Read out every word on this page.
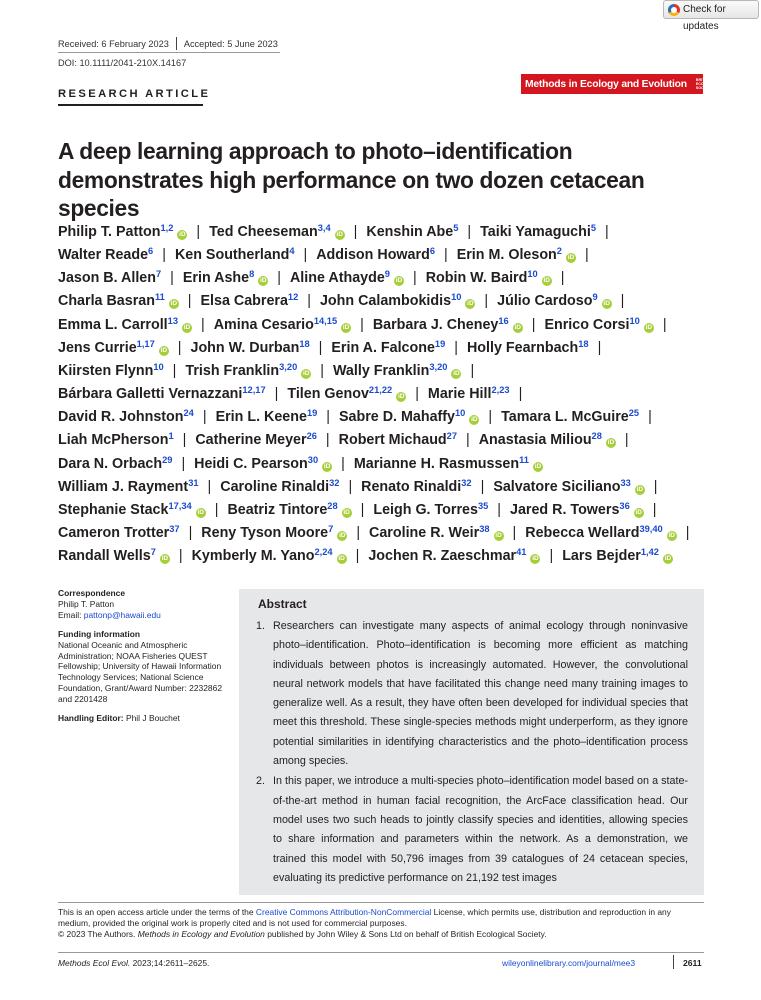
Check for updates
Received: 6 February 2023 Accepted: 5 June 2023
DOI: 10.1111/2041-210X.14167
Methods in Ecology and Evolution BRITISH ECOLOGICAL SOCIETY
RESEARCH ARTICLE
A deep learning approach to photo–identification demonstrates high performance on two dozen cetacean species
Philip T. Patton$^{1,2}$iD | Ted Cheeseman$^{3,4}$iD | Kenshin Abe$^5$ | Taiki Yamaguchi$^5$ |
Walter Reade$^6$ | Ken Southerland$^4$ | Addison Howard$^6$ | Erin M. Oleson$^2$iD |
Jason B. Allen$^7$ | Erin Ashe$^8$iD | Aline Athayde$^9$iD | Robin W. Baird$^{10}$iD |
Charla Basran$^{11}$iD | Elsa Cabrera$^{12}$ | John Calambokidis$^{10}$iD | Júlio Cardoso$^9$iD |
Emma L. Carroll$^{13}$iD | Amina Cesario$^{14,15}$iD | Barbara J. Cheney$^{16}$iD | Enrico Corsi$^{10}$iD |
Jens Currie$^{1,17}$iD | John W. Durban$^{18}$ | Erin A. Falcone$^{19}$ | Holly Fearnbach$^{18}$ |
Kiirsten Flynn$^{10}$ | Trish Franklin$^{3,20}$iD | Wally Franklin$^{3,20}$iD |
Bárbara Galletti Vernazzani$^{12,17}$ | Tilen Genov$^{21,22}$iD | Marie Hill$^{2,23}$ |
David R. Johnston$^{24}$ | Erin L. Keene$^{19}$ | Sabre D. Mahaffy$^{10}$iD | Tamara L. McGuire$^{25}$ |
Liah McPherson$^1$ | Catherine Meyer$^{26}$ | Robert Michaud$^{27}$ | Anastasia Miliou$^{28}$iD |
Dara N. Orbach$^{29}$ | Heidi C. Pearson$^{30}$iD | Marianne H. Rasmussen$^{11}$iD
William J. Rayment$^{31}$ | Caroline Rinaldi$^{32}$ | Renato Rinaldi$^{32}$ | Salvatore Siciliano$^{33}$iD |
Stephanie Stack$^{17,34}$iD | Beatriz Tintore$^{28}$iD | Leigh G. Torres$^{35}$ | Jared R. Towers$^{36}$iD |
Cameron Trotter$^{37}$ | Reny Tyson Moore$^7$iD | Caroline R. Weir$^{38}$iD | Rebecca Wellard$^{39,40}$iD |
Randall Wells$^7$iD | Kymberly M. Yano$^{2,24}$iD | Jochen R. Zaeschmar$^{41}$iD | Lars Bejder$^{1,42}$iD
Correspondence
Philip T. Patton
Email: pattonp@hawaii.edu
Funding information
National Oceanic and Atmospheric Administration; NOAA Fisheries QUEST Fellowship; University of Hawaii Information Technology Services; National Science Foundation, Grant/Award Number: 2232862 and 2201428
Handling Editor: Phil J Bouchet
Abstract
1. Researchers can investigate many aspects of animal ecology through noninvasive photo–identification. Photo–identification is becoming more efficient as matching individuals between photos is increasingly automated. However, the convolutional neural network models that have facilitated this change need many training images to generalize well. As a result, they have often been developed for individual species that meet this threshold. These single-species methods might underperform, as they ignore potential similarities in identifying characteristics and the photo–identification process among species.
2. In this paper, we introduce a multi-species photo–identification model based on a state-of-the-art method in human facial recognition, the ArcFace classification head. Our model uses two such heads to jointly classify species and identities, allowing species to share information and parameters within the network. As a demonstration, we trained this model with 50,796 images from 39 catalogues of 24 cetacean species, evaluating its predictive performance on 21,192 test images
This is an open access article under the terms of the Creative Commons Attribution-NonCommercial License, which permits use, distribution and reproduction in any medium, provided the original work is properly cited and is not used for commercial purposes.
© 2023 The Authors. Methods in Ecology and Evolution published by John Wiley & Sons Ltd on behalf of British Ecological Society.
Methods Ecol Evol. 2023;14:2611–2625.	wileyonlinelibrary.com/journal/mee3	2611
